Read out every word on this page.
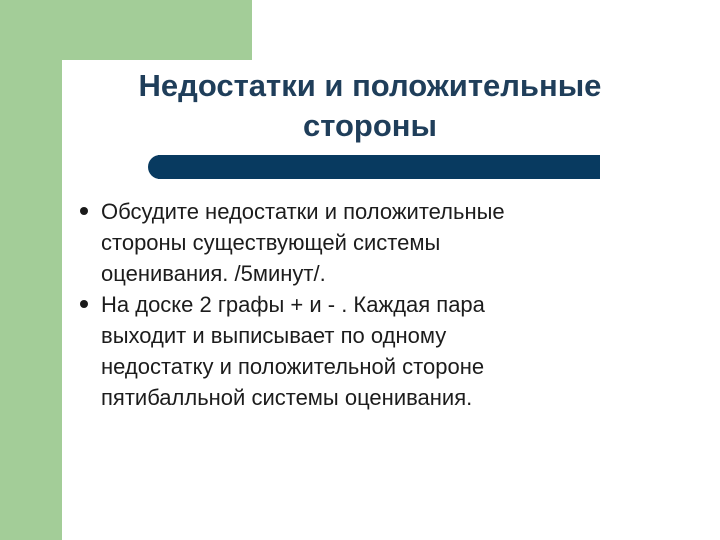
Недостатки и положительные
стороны
Обсудите недостатки и положительные
стороны существующей системы
оценивания. /5минут/.
На доске 2 графы + и - . Каждая пара
выходит и выписывает по одному
недостатку и положительной стороне
пятибалльной системы оценивания.
